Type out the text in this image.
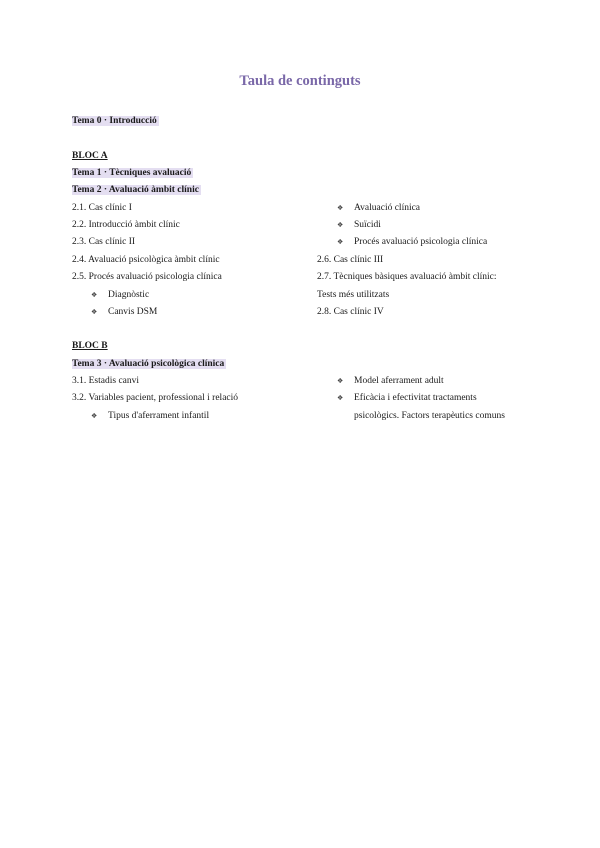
Taula de continguts
Tema 0 · Introducció
BLOC A
Tema 1 · Tècniques avaluació
Tema 2 · Avaluació àmbit clínic
2.1. Cas clínic I
2.2. Introducció àmbit clínic
2.3. Cas clínic II
2.4. Avaluació psicològica àmbit clínic
2.5. Procés avaluació psicologia clínica
❖ Diagnòstic
❖ Canvis DSM
❖ Avaluació clínica
❖ Suïcidi
❖ Procés avaluació psicologia clínica
2.6. Cas clínic III
2.7. Tècniques bàsiques avaluació àmbit clínic:
Tests més utilitzats
2.8. Cas clínic IV
BLOC B
Tema 3 · Avaluació psicològica clínica
3.1. Estadis canvi
3.2. Variables pacient, professional i relació
❖ Tipus d'aferrament infantil
❖ Model aferrament adult
❖ Eficàcia i efectivitat tractaments
psicològics. Factors terapèutics comuns
